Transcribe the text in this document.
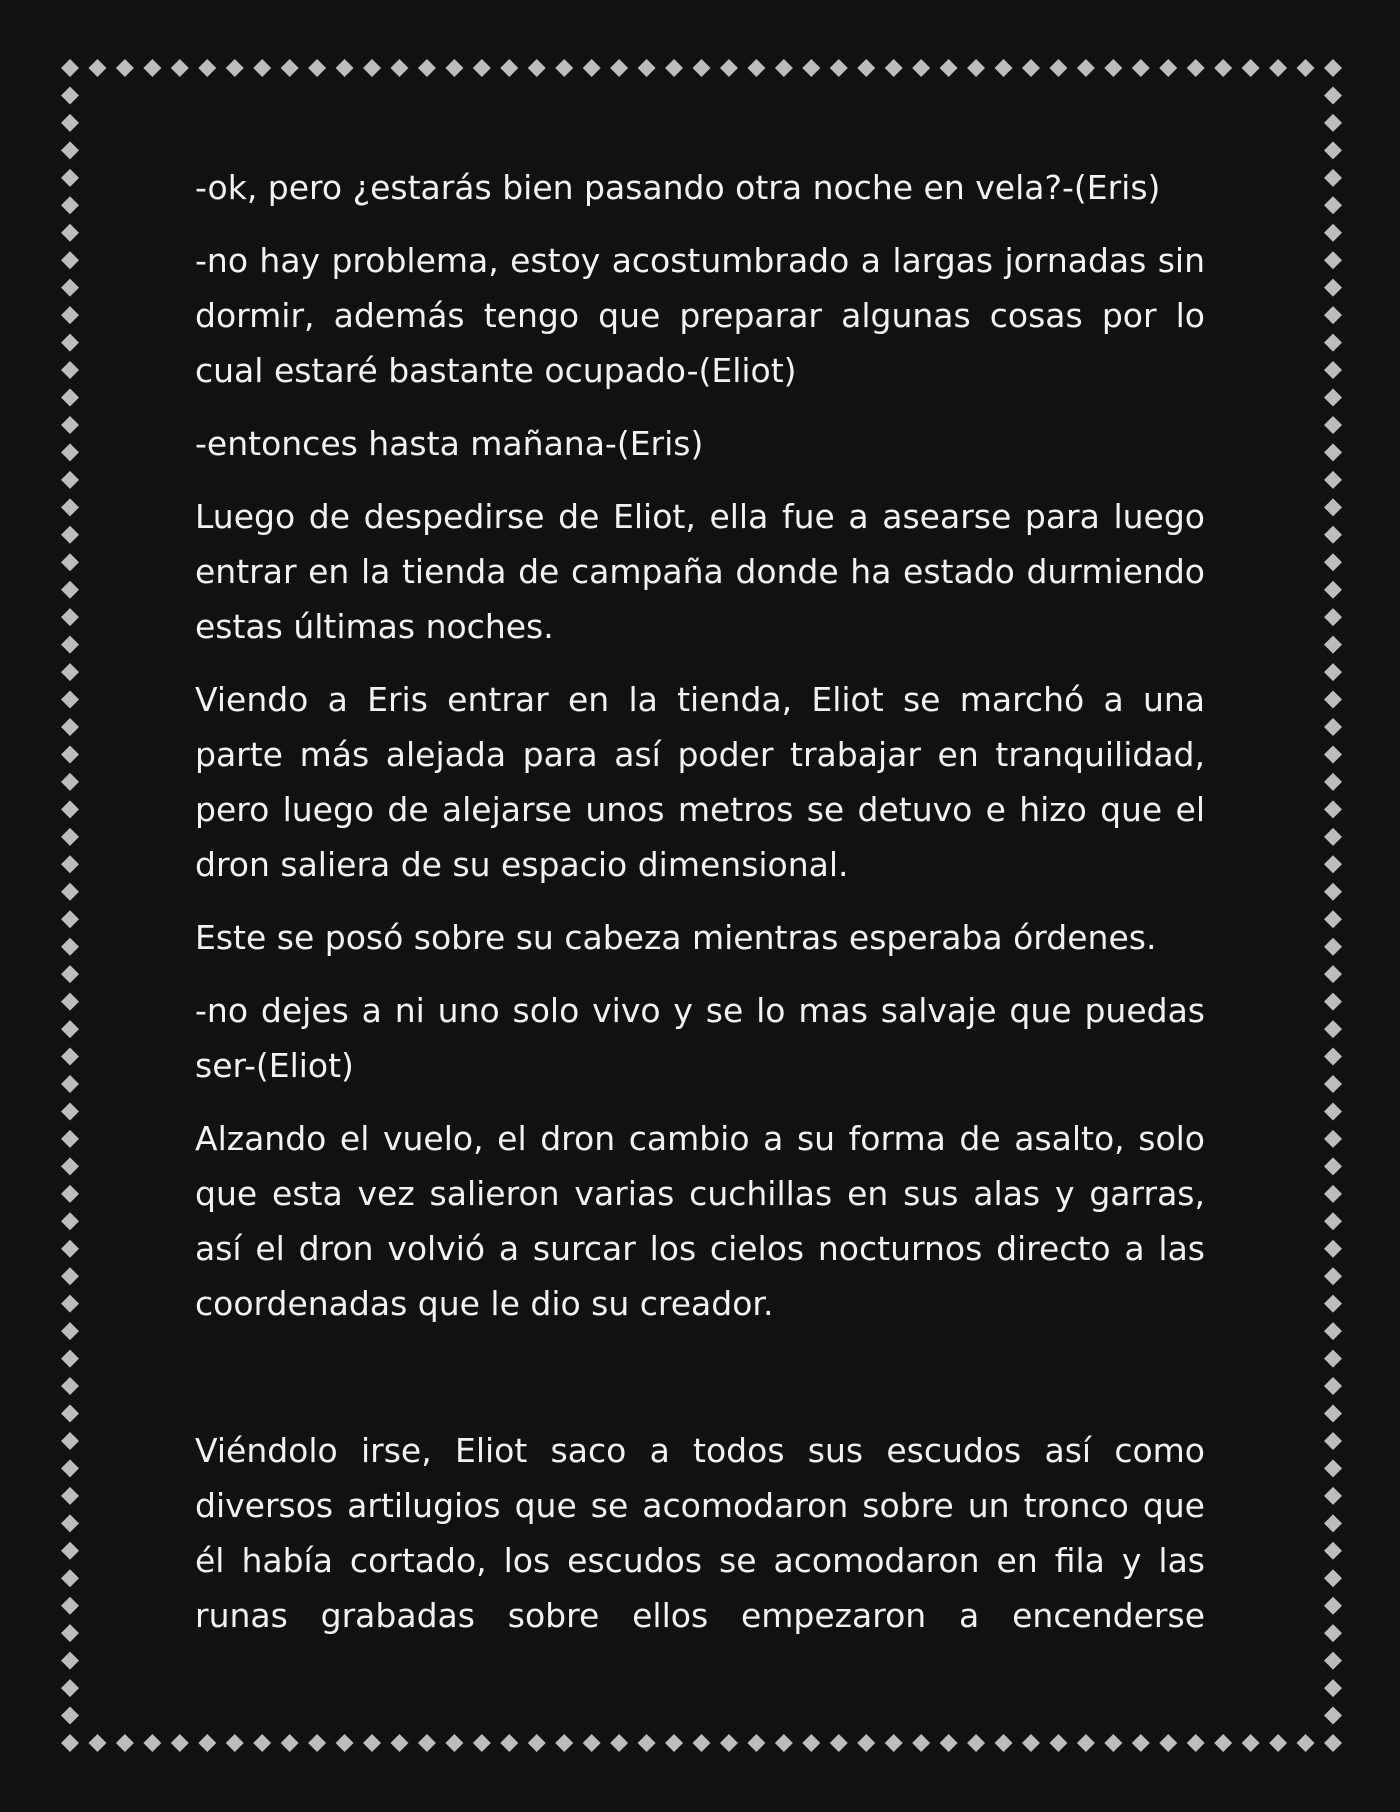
-ok, pero ¿estarás bien pasando otra noche en vela?-(Eris)

-no hay problema, estoy acostumbrado a largas jornadas sin dormir, además tengo que preparar algunas cosas por lo cual estaré bastante ocupado-(Eliot)

-entonces hasta mañana-(Eris)

Luego de despedirse de Eliot, ella fue a asearse para luego entrar en la tienda de campaña donde ha estado durmiendo estas últimas noches.

Viendo a Eris entrar en la tienda, Eliot se marchó a una parte más alejada para así poder trabajar en tranquilidad, pero luego de alejarse unos metros se detuvo e hizo que el dron saliera de su espacio dimensional.

Este se posó sobre su cabeza mientras esperaba órdenes.

-no dejes a ni uno solo vivo y se lo mas salvaje que puedas ser-(Eliot)

Alzando el vuelo, el dron cambio a su forma de asalto, solo que esta vez salieron varias cuchillas en sus alas y garras, así el dron volvió a surcar los cielos nocturnos directo a las coordenadas que le dio su creador.

Viéndolo irse, Eliot saco a todos sus escudos así como diversos artilugios que se acomodaron sobre un tronco que él había cortado, los escudos se acomodaron en fila y las runas grabadas sobre ellos empezaron a encenderse
